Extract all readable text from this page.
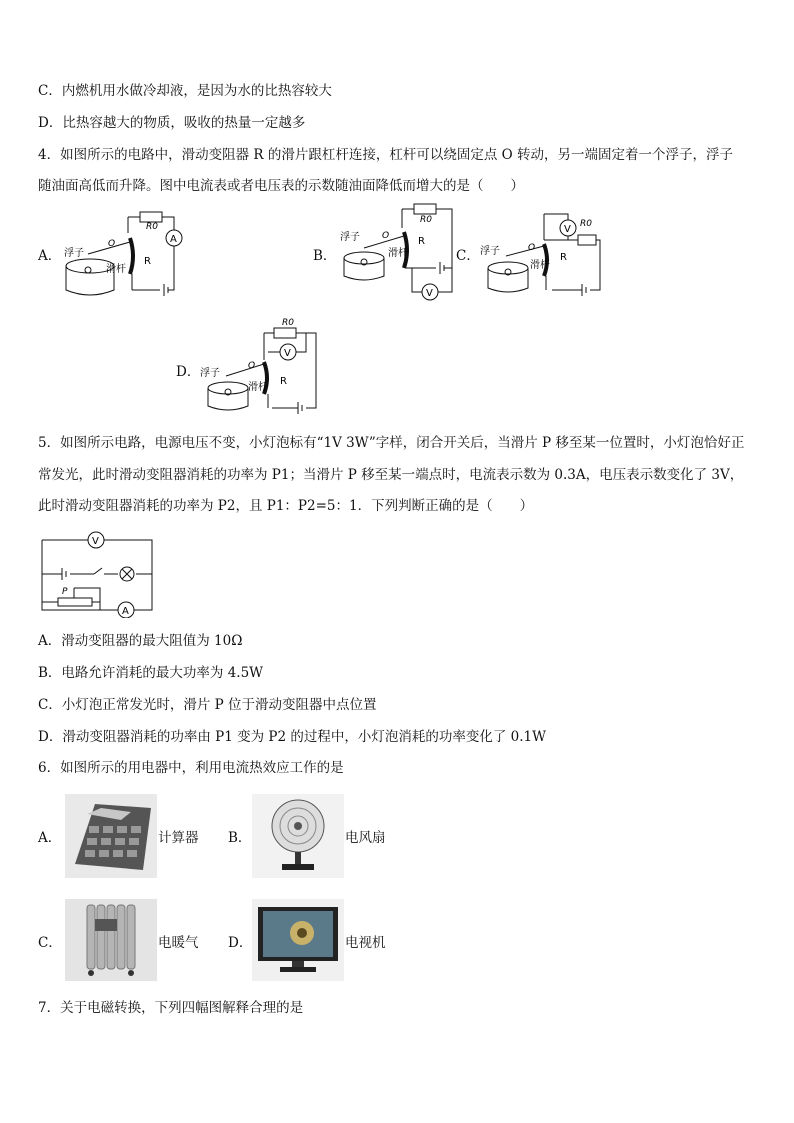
C．内燃机用水做冷却液，是因为水的比热容较大
D．比热容越大的物质，吸收的热量一定越多
4．如图所示的电路中，滑动变阻器 R 的滑片跟杠杆连接，杠杆可以绕固定点 O 转动，另一端固定着一个浮子，浮子
随油面高低而升降。图中电流表或者电压表的示数随油面降低而增大的是（　　）
A．
A
R0
R
O
滑杆
浮子	B．
R0
R
V
O
滑杆
浮子
C．
V R0
R
O
滑杆
浮子
D．
R0
V
R
O
滑杆
浮子
5．如图所示电路，电源电压不变，小灯泡标有“1V 3W”字样，闭合开关后，当滑片 P 移至某一位置时，小灯泡恰好正
常发光，此时滑动变阻器消耗的功率为 P1；当滑片 P 移至某一端点时，电流表示数为 0.3A，电压表示数变化了 3V，
此时滑动变阻器消耗的功率为 P2，且 P1：P2=5：1．下列判断正确的是（　　）
V
P
A
A．滑动变阻器的最大阻值为 10Ω
B．电路允许消耗的最大功率为 4.5W
C．小灯泡正常发光时，滑片 P 位于滑动变阻器中点位置
D．滑动变阻器消耗的功率由 P1 变为 P2 的过程中，小灯泡消耗的功率变化了 0.1W
6．如图所示的用电器中，利用电流热效应工作的是
A．	计算器 B．	电风扇
C．	电暖气 D．	电视机
7．关于电磁转换，下列四幅图解释合理的是
